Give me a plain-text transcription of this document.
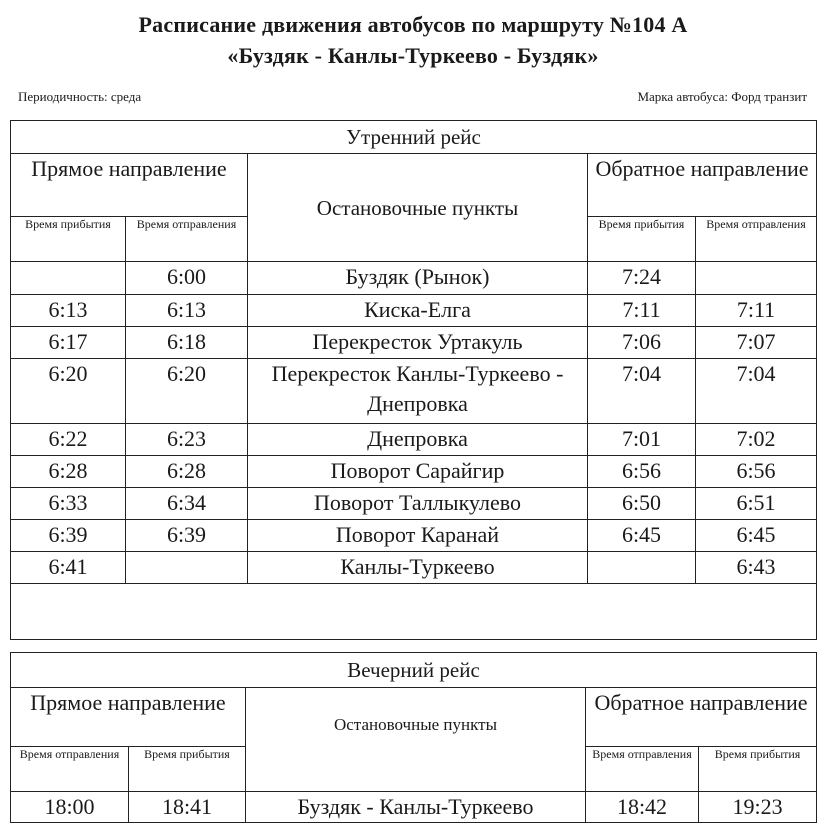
Расписание движения автобусов по маршруту №104 А
«Буздяк - Канлы-Туркеево - Буздяк»
Периодичность: среда	Марка автобуса: Форд транзит
Утренний рейс				
Прямое направление		Остановочные пункты	Обратное направление	
Время прибытия	Время отправления		Время прибытия	Время отправления
	6:00	Буздяк (Рынок)	7:24	
6:13	6:13	Киска-Елга	7:11	7:11
6:17	6:18	Перекресток Уртакуль	7:06	7:07
6:20	6:20	Перекресток Канлы-Туркеево - Днепровка	7:04	7:04
6:22	6:23	Днепровка	7:01	7:02
6:28	6:28	Поворот Сарайгир	6:56	6:56
6:33	6:34	Поворот Таллыкулево	6:50	6:51
6:39	6:39	Поворот Каранай	6:45	6:45
6:41		Канлы-Туркеево		6:43

Вечерний рейс				
Прямое направление		Остановочные пункты	Обратное направление	
Время отправления	Время прибытия		Время отправления	Время прибытия
18:00	18:41	Буздяк - Канлы-Туркеево	18:42	19:23
